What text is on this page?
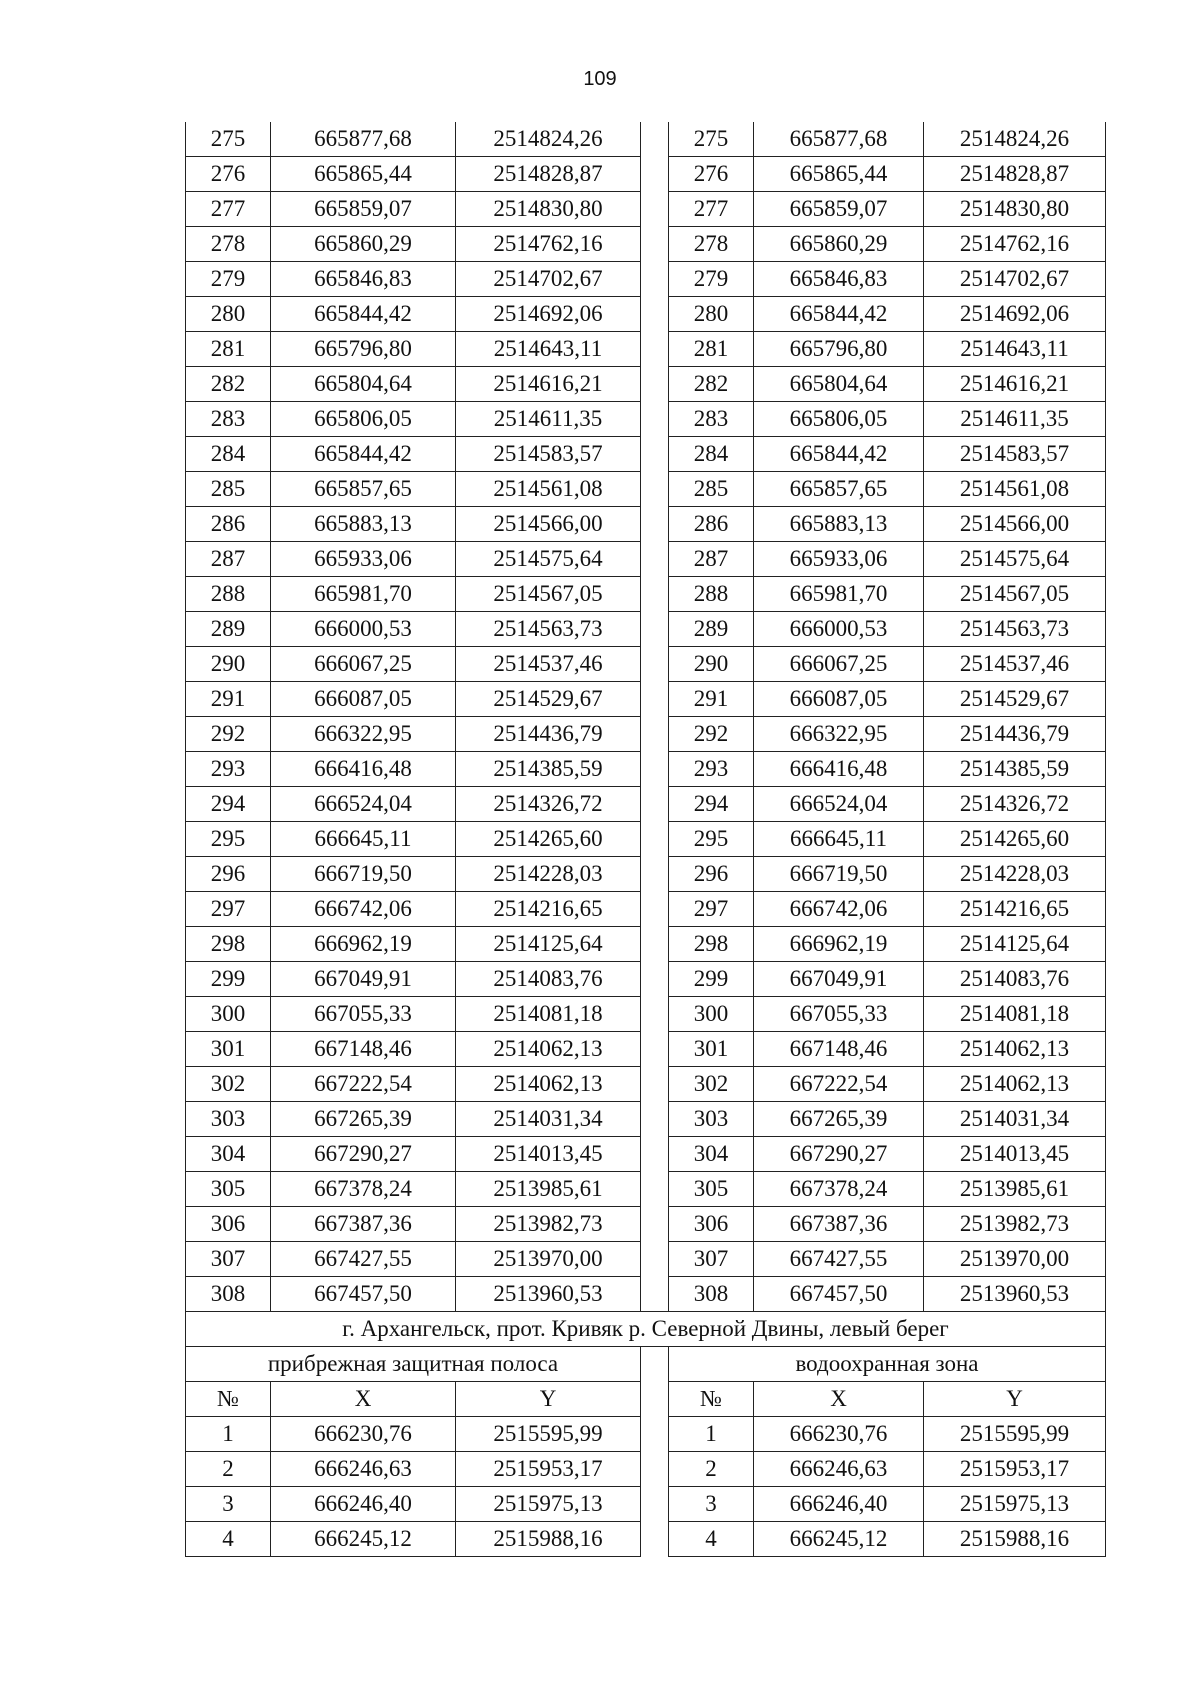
109
275	665877,68	2514824,26		275	665877,68	2514824,26
276	665865,44	2514828,87		276	665865,44	2514828,87
277	665859,07	2514830,80		277	665859,07	2514830,80
278	665860,29	2514762,16		278	665860,29	2514762,16
279	665846,83	2514702,67		279	665846,83	2514702,67
280	665844,42	2514692,06		280	665844,42	2514692,06
281	665796,80	2514643,11		281	665796,80	2514643,11
282	665804,64	2514616,21		282	665804,64	2514616,21
283	665806,05	2514611,35		283	665806,05	2514611,35
284	665844,42	2514583,57		284	665844,42	2514583,57
285	665857,65	2514561,08		285	665857,65	2514561,08
286	665883,13	2514566,00		286	665883,13	2514566,00
287	665933,06	2514575,64		287	665933,06	2514575,64
288	665981,70	2514567,05		288	665981,70	2514567,05
289	666000,53	2514563,73		289	666000,53	2514563,73
290	666067,25	2514537,46		290	666067,25	2514537,46
291	666087,05	2514529,67		291	666087,05	2514529,67
292	666322,95	2514436,79		292	666322,95	2514436,79
293	666416,48	2514385,59		293	666416,48	2514385,59
294	666524,04	2514326,72		294	666524,04	2514326,72
295	666645,11	2514265,60		295	666645,11	2514265,60
296	666719,50	2514228,03		296	666719,50	2514228,03
297	666742,06	2514216,65		297	666742,06	2514216,65
298	666962,19	2514125,64		298	666962,19	2514125,64
299	667049,91	2514083,76		299	667049,91	2514083,76
300	667055,33	2514081,18		300	667055,33	2514081,18
301	667148,46	2514062,13		301	667148,46	2514062,13
302	667222,54	2514062,13		302	667222,54	2514062,13
303	667265,39	2514031,34		303	667265,39	2514031,34
304	667290,27	2514013,45		304	667290,27	2514013,45
305	667378,24	2513985,61		305	667378,24	2513985,61
306	667387,36	2513982,73		306	667387,36	2513982,73
307	667427,55	2513970,00		307	667427,55	2513970,00
308	667457,50	2513960,53		308	667457,50	2513960,53
г. Архангельск, прот. Кривяк р. Северной Двины, левый берег						
прибрежная защитная полоса				водоохранная зона		
№	X	Y		№	X	Y
1	666230,76	2515595,99		1	666230,76	2515595,99
2	666246,63	2515953,17		2	666246,63	2515953,17
3	666246,40	2515975,13		3	666246,40	2515975,13
4	666245,12	2515988,16		4	666245,12	2515988,16
